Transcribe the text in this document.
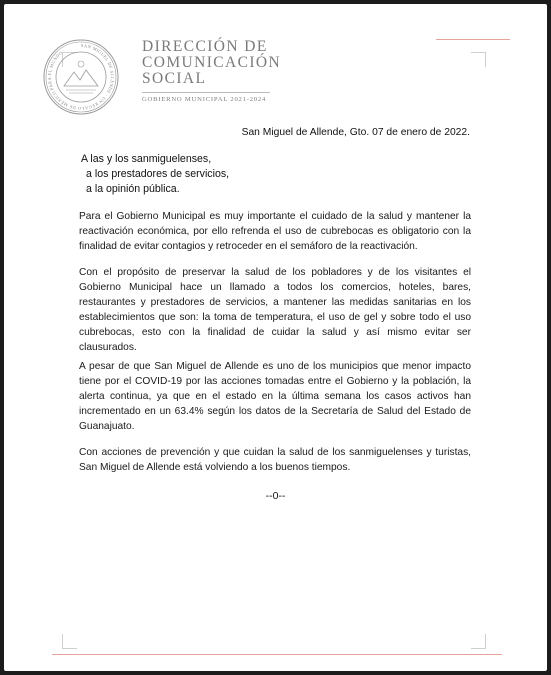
SAN MIGUEL DE ALLENDE · UN REGALO DE MÉXICO PARA EL MUNDO ·	DIRECCIÓN DE
COMUNICACIÓN
SOCIAL
GOBIERNO MUNICIPAL 2021-2024
San Miguel de Allende, Gto. 07 de enero de 2022.
A las y los sanmiguelenses,
a los prestadores de servicios,
a la opinión pública.

Para el Gobierno Municipal es muy importante el cuidado de la salud y mantener la reactivación económica, por ello refrenda el uso de cubrebocas es obligatorio con la finalidad de evitar contagios y retroceder en el semáforo de la reactivación.

Con el propósito de preservar la salud de los pobladores y de los visitantes el Gobierno Municipal hace un llamado a todos los comercios, hoteles, bares, restaurantes y prestadores de servicios, a mantener las medidas sanitarias en los establecimientos que son: la toma de temperatura, el uso de gel y sobre todo el uso cubrebocas, esto con la finalidad de cuidar la salud y así mismo evitar ser clausurados.

A pesar de que San Miguel de Allende es uno de los municipios que menor impacto tiene por el COVID-19 por las acciones tomadas entre el Gobierno y la población, la alerta continua, ya que en el estado en la última semana los casos activos han incrementado en un 63.4% según los datos de la Secretaría de Salud del Estado de Guanajuato.

Con acciones de prevención y que cuidan la salud de los sanmiguelenses y turistas, San Miguel de Allende está volviendo a los buenos tiempos.

--0--
